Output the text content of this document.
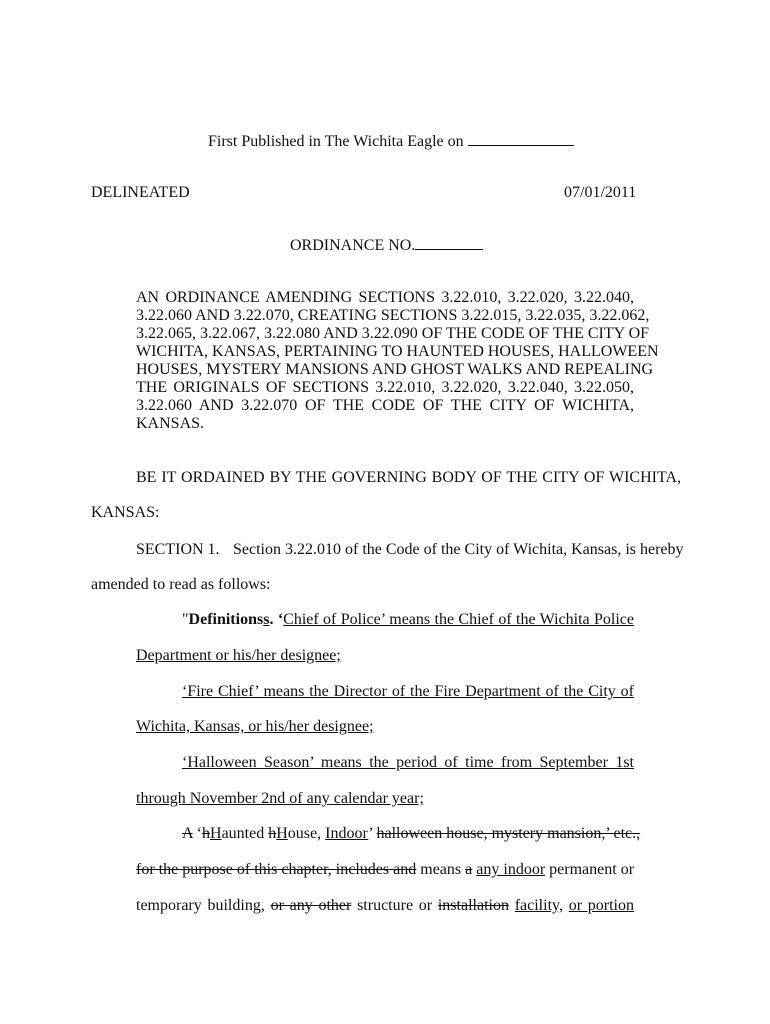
First Published in The Wichita Eagle on
DELINEATED	07/01/2011
ORDINANCE NO.
AN ORDINANCE AMENDING SECTIONS 3.22.010, 3.22.020, 3.22.040,
3.22.060 AND 3.22.070, CREATING SECTIONS 3.22.015, 3.22.035, 3.22.062,
3.22.065, 3.22.067, 3.22.080 AND 3.22.090 OF THE CODE OF THE CITY OF
WICHITA, KANSAS, PERTAINING TO HAUNTED HOUSES, HALLOWEEN
HOUSES, MYSTERY MANSIONS AND GHOST WALKS AND REPEALING
THE ORIGINALS OF SECTIONS 3.22.010, 3.22.020, 3.22.040, 3.22.050,
3.22.060 AND 3.22.070 OF THE CODE OF THE CITY OF WICHITA,
KANSAS.
BE IT ORDAINED BY THE GOVERNING BODY OF THE CITY OF WICHITA,
KANSAS:
SECTION 1. Section 3.22.010 of the Code of the City of Wichita, Kansas, is hereby
amended to read as follows:
"Definitionss. ‘Chief of Police’ means the Chief of the Wichita Police
Department or his/her designee;
‘Fire Chief’ means the Director of the Fire Department of the City of
Wichita, Kansas, or his/her designee;
‘Halloween Season’ means the period of time from September 1st
through November 2nd of any calendar year;
A ‘hHaunted hHouse, Indoor’ halloween house, mystery mansion,’ etc.,
for the purpose of this chapter, includes and means a any indoor permanent or
temporary building, or any other structure or installation facility, or portion
